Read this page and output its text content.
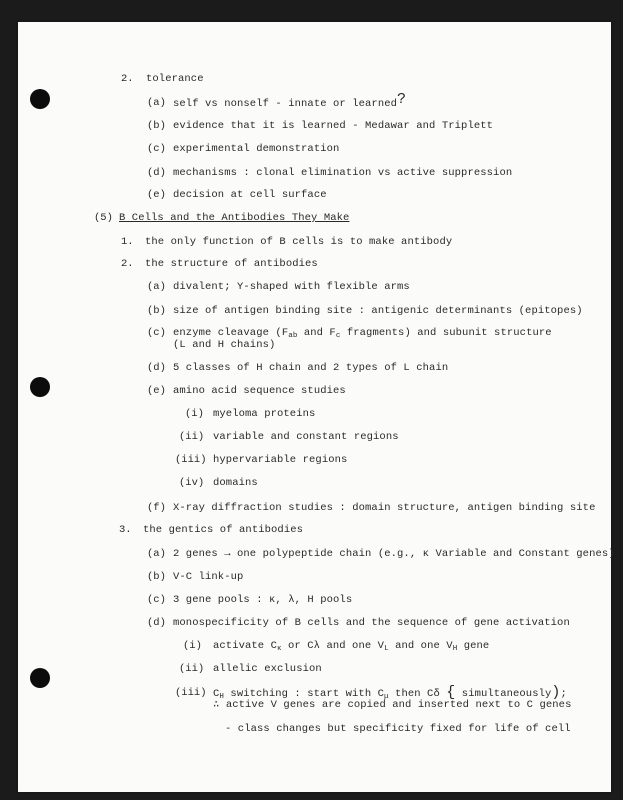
2. tolerance
(a) self vs nonself - innate or learned?
(b) evidence that it is learned - Medawar and Triplett
(c) experimental demonstration
(d) mechanisms : clonal elimination vs active suppression
(e) decision at cell surface
(5) B Cells and the Antibodies They Make
1. the only function of B cells is to make antibody
2. the structure of antibodies
(a) divalent; Y-shaped with flexible arms
(b) size of antigen binding site : antigenic determinants (epitopes)
(c) enzyme cleavage ($F_{ab}$ and $F_c$ fragments) and subunit structure
(L and H chains)
(d) 5 classes of H chain and 2 types of L chain
(e) amino acid sequence studies
(i) myeloma proteins
(ii) variable and constant regions
(iii) hypervariable regions
(iv) domains
(f) X-ray diffraction studies : domain structure, antigen binding site
3. the gentics of antibodies
(a) 2 genes → one polypeptide chain (e.g., κ Variable and Constant genes)
(b) V-C link-up
(c) 3 gene pools : κ, λ, H pools
(d) monospecificity of B cells and the sequence of gene activation
(i) activate $C_\kappa$ or Cλ and one $V_L$ and one $V_H$ gene
(ii) allelic exclusion
(iii) $C_H$ switching : start with $C_\mu$ then Cδ { simultaneously);
∴ active V genes are copied and inserted next to C genes
- class changes but specificity fixed for life of cell
